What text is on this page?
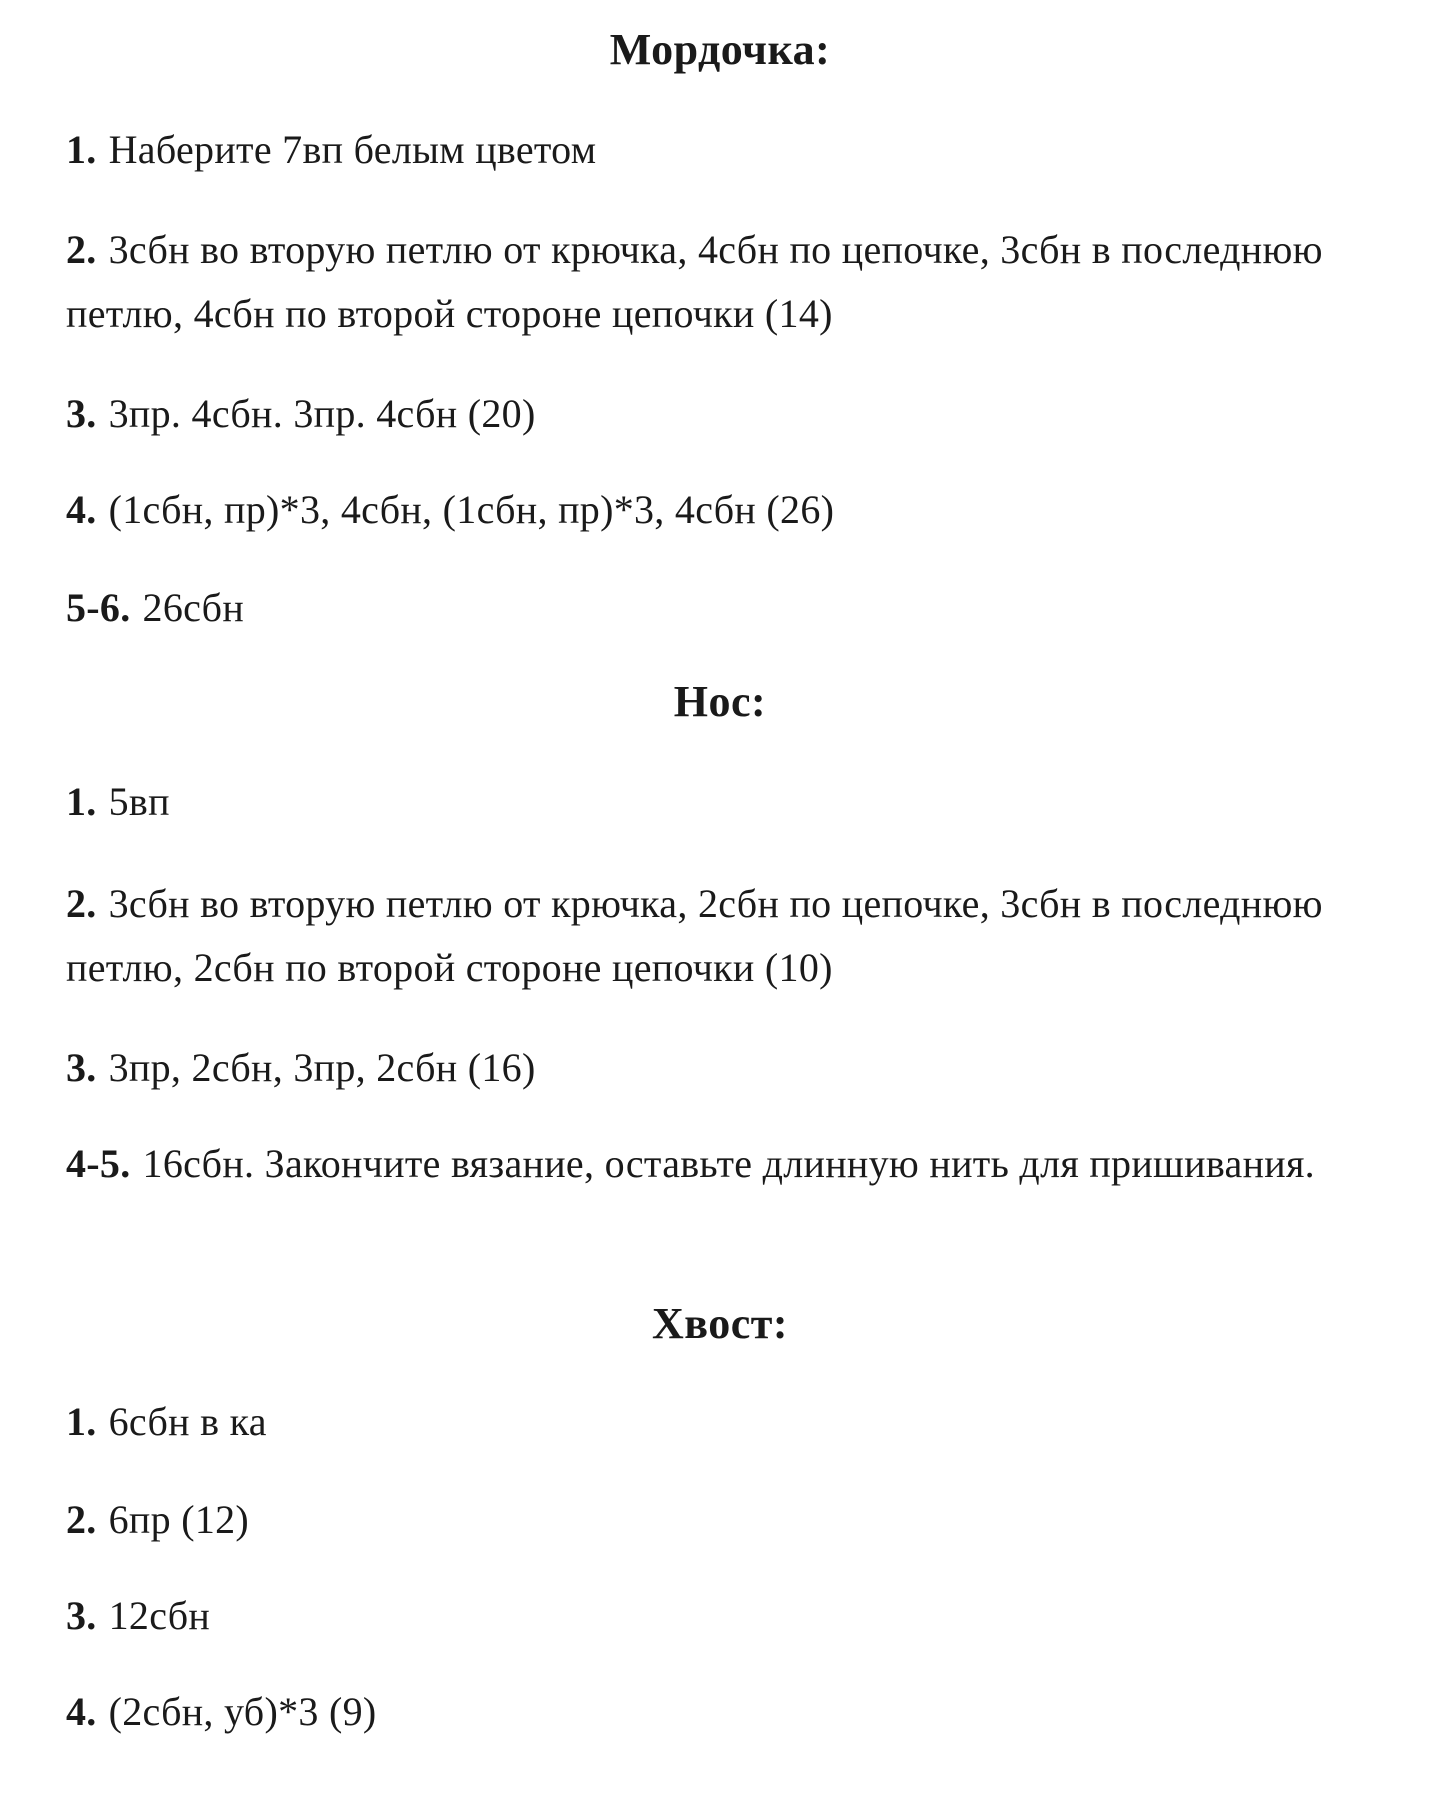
Мордочка:
1. Наберите 7вп белым цветом
2. 3сбн во вторую петлю от крючка, 4сбн по цепочке, 3сбн в последнюю петлю, 4сбн по второй стороне цепочки (14)
3. 3пр. 4сбн. 3пр. 4сбн (20)
4. (1сбн, пр)*3, 4сбн, (1сбн, пр)*3, 4сбн (26)
5-6. 26сбн
Нос:
1. 5вп
2. 3сбн во вторую петлю от крючка, 2сбн по цепочке, 3сбн в последнюю петлю, 2сбн по второй стороне цепочки (10)
3. 3пр, 2сбн, 3пр, 2сбн (16)
4-5. 16сбн. Закончите вязание, оставьте длинную нить для пришивания.
Хвост:
1. 6сбн в ка
2. 6пр (12)
3. 12сбн
4. (2сбн, уб)*3 (9)
